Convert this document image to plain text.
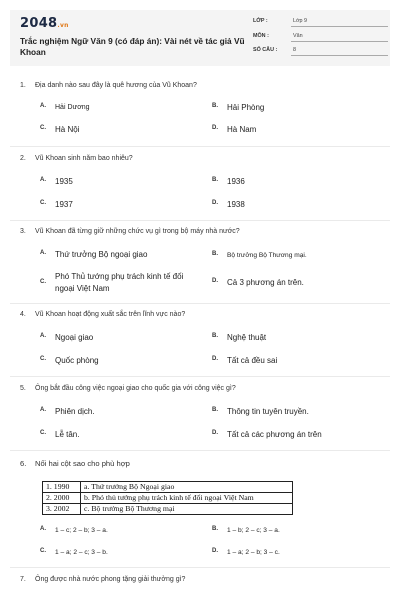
2048.vn
Trắc nghiệm Ngữ Văn 9 (có đáp án): Vài nét về tác giả Vũ Khoan
LỚP :	Lớp 9
MÔN :	Văn
SỐ CÂU :	8
1. Địa danh nào sau đây là quê hương của Vũ Khoan?
A. Hải Dương	B. Hải Phòng
C. Hà Nội	D. Hà Nam
2. Vũ Khoan sinh năm bao nhiêu?
A. 1935	B. 1936
C. 1937	D. 1938
3. Vũ Khoan đã từng giữ những chức vụ gì trong bộ máy nhà nước?
A. Thứ trưởng Bộ ngoại giao	B. Bộ trưởng Bộ Thương mại.
C.
Phó Thủ tướng phụ trách kinh tế đối ngoại Việt Nam
D. Cả 3 phương án trên.
4. Vũ Khoan hoạt động xuất sắc trên lĩnh vực nào?
A. Ngoại giao	B. Nghệ thuật
C. Quốc phòng	D. Tất cả đều sai
5. Ông bắt đầu công việc ngoại giao cho quốc gia với công việc gì?
A. Phiên dịch.	B. Thông tin tuyên truyền.
C. Lễ tân.	D. Tất cả các phương án trên
6. Nối hai cột sao cho phù hợp
1. 1990	a. Thứ trưởng Bộ Ngoại giao
2. 2000	b. Phó thủ tướng phụ trách kinh tế đối ngoại Việt Nam
3. 2002	c. Bộ trưởng Bộ Thương mại
A. 1 – c; 2 – b; 3 – a.	B. 1 – b; 2 – c; 3 – a.
C. 1 – a; 2 – c; 3 – b.	D. 1 – a; 2 – b; 3 – c.
7. Ông được nhà nước phong tặng giải thưởng gì?
